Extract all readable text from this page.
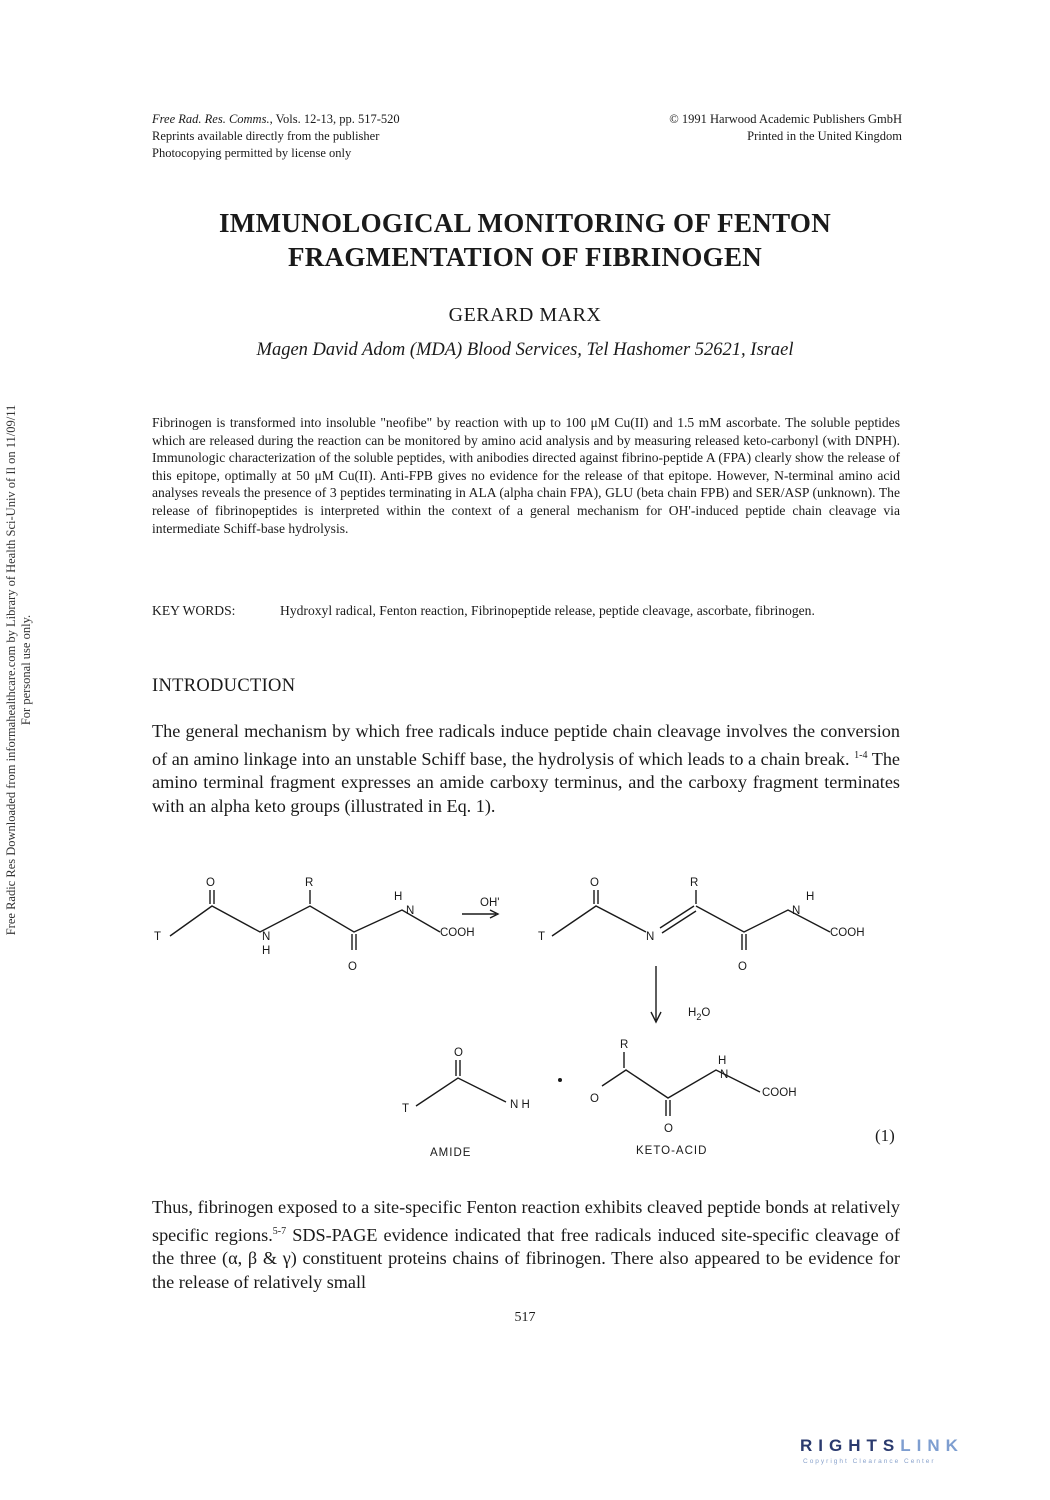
Free Rad. Res. Comms., Vols. 12-13, pp. 517-520
Reprints available directly from the publisher
Photocopying permitted by license only
© 1991 Harwood Academic Publishers GmbH
Printed in the United Kingdom
Free Radic Res Downloaded from informahealthcare.com by Library of Health Sci-Univ of Il on 11/09/11 For personal use only.
IMMUNOLOGICAL MONITORING OF FENTON
FRAGMENTATION OF FIBRINOGEN
GERARD MARX
Magen David Adom (MDA) Blood Services, Tel Hashomer 52621, Israel

Fibrinogen is transformed into insoluble "neofibe" by reaction with up to 100 μM Cu(II) and 1.5 mM ascorbate. The soluble peptides which are released during the reaction can be monitored by amino acid analysis and by measuring released keto-carbonyl (with DNPH). Immunologic characterization of the soluble peptides, with anibodies directed against fibrino-peptide A (FPA) clearly show the release of this epitope, optimally at 50 μM Cu(II). Anti-FPB gives no evidence for the release of that epitope. However, N-terminal amino acid analyses reveals the presence of 3 peptides terminating in ALA (alpha chain FPA), GLU (beta chain FPB) and SER/ASP (unknown). The release of fibrinopeptides is interpreted within the context of a general mechanism for OH'-induced peptide chain cleavage via intermediate Schiff-base hydrolysis.

KEY WORDS:	Hydroxyl radical, Fenton reaction, Fibrinopeptide release, peptide cleavage, ascorbate, fibrinogen.
INTRODUCTION

The general mechanism by which free radicals induce peptide chain cleavage involves the conversion of an amino linkage into an unstable Schiff base, the hydrolysis of which leads to a chain break. $^{1-4}$ The amino terminal fragment expresses an amide carboxy terminus, and the carboxy fragment terminates with an alpha keto groups (illustrated in Eq. 1).

O	R
T	N
H
H
N
O
COOH
OH'
T
O	R
N
O
H
N
COOH
$H_2O$
O
T	N H
R
O
H
N
COOH
O
AMIDE	KETO-ACID
(1)

Thus, fibrinogen exposed to a site-specific Fenton reaction exhibits cleaved peptide bonds at relatively specific regions.$^{5-7}$ SDS-PAGE evidence indicated that free radicals induced site-specific cleavage of the three (α, β & γ) constituent proteins chains of fibrinogen. There also appeared to be evidence for the release of relatively small

517
RIGHTSLINK
Copyright Clearance Center
